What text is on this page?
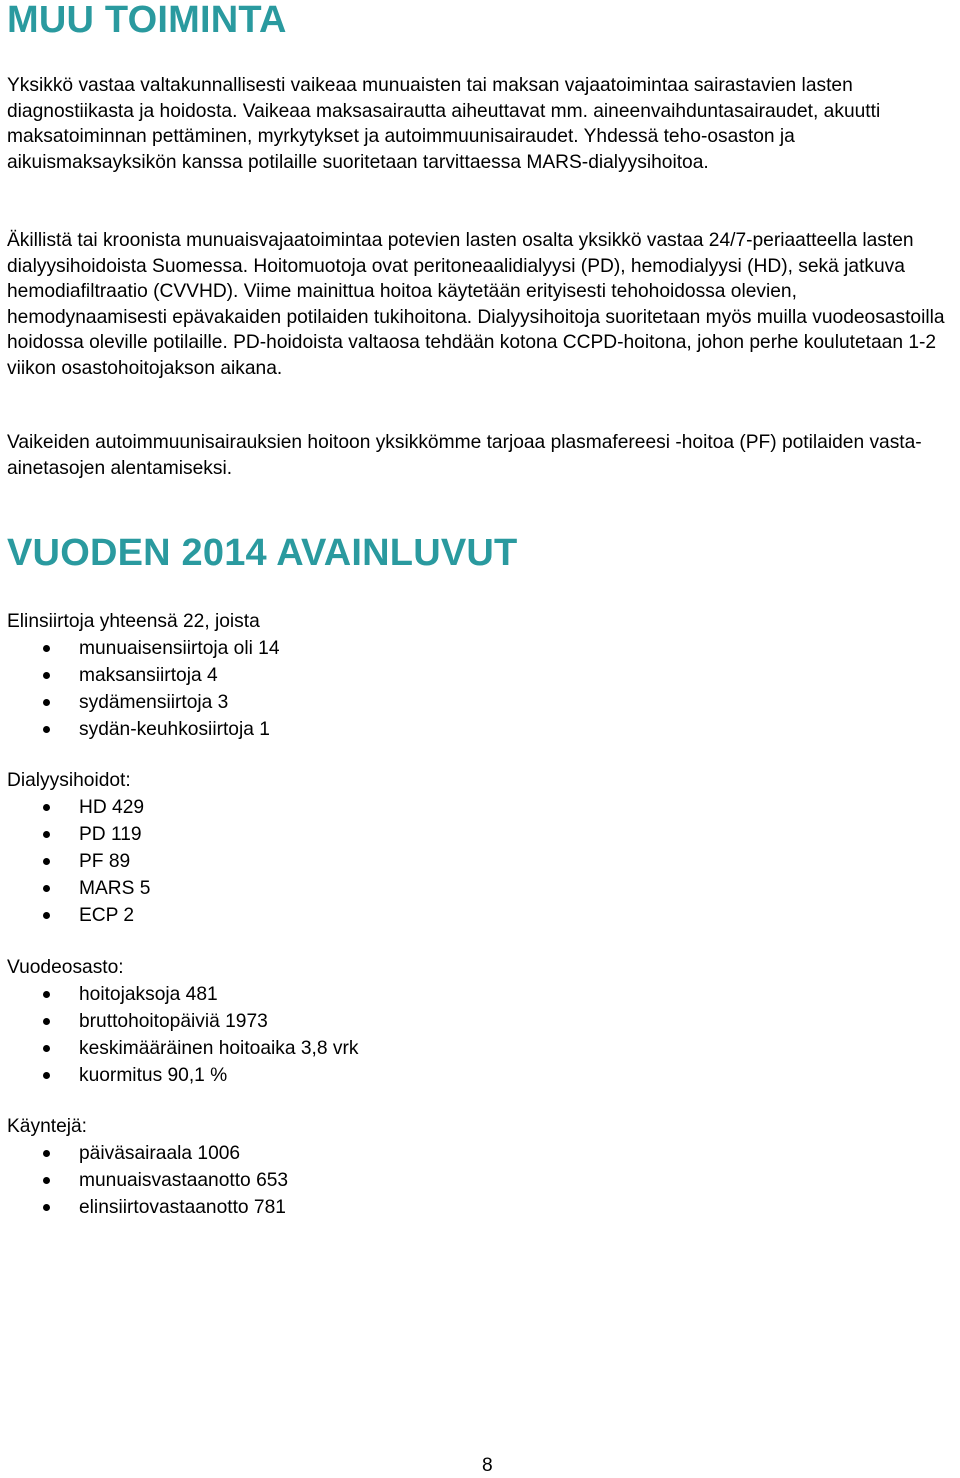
MUU TOIMINTA

Yksikkö vastaa valtakunnallisesti vaikeaa munuaisten tai maksan vajaatoimintaa sairastavien lasten diagnostiikasta ja hoidosta. Vaikeaa maksasairautta aiheuttavat mm. aineenvaihduntasairaudet, akuutti maksatoiminnan pettäminen, myrkytykset ja autoimmuunisairaudet. Yhdessä teho-osaston ja aikuismaksayksikön kanssa potilaille suoritetaan tarvittaessa MARS-dialyysihoitoa.

Äkillistä tai kroonista munuaisvajaatoimintaa potevien lasten osalta yksikkö vastaa 24/7-periaatteella lasten dialyysihoidoista Suomessa. Hoitomuotoja ovat peritoneaalidialyysi (PD), hemodialyysi (HD), sekä jatkuva hemodiafiltraatio (CVVHD). Viime mainittua hoitoa käytetään erityisesti tehohoidossa olevien, hemodynaamisesti epävakaiden potilaiden tukihoitona. Dialyysihoitoja suoritetaan myös muilla vuodeosastoilla hoidossa oleville potilaille. PD-hoidoista valtaosa tehdään kotona CCPD-hoitona, johon perhe koulutetaan 1-2 viikon osastohoitojakson aikana.

Vaikeiden autoimmuunisairauksien hoitoon yksikkömme tarjoaa plasmafereesi -hoitoa (PF) potilaiden vasta-ainetasojen alentamiseksi.

VUODEN 2014 AVAINLUVUT
Elinsiirtoja yhteensä 22, joista
munuaisensiirtoja oli 14
maksansiirtoja 4
sydämensiirtoja 3
sydän-keuhkosiirtoja 1
Dialyysihoidot:
HD 429
PD 119
PF 89
MARS 5
ECP 2
Vuodeosasto:
hoitojaksoja 481
bruttohoitopäiviä 1973
keskimääräinen hoitoaika 3,8 vrk
kuormitus 90,1 %
Käyntejä:
päiväsairaala 1006
munuaisvastaanotto 653
elinsiirtovastaanotto 781
8
